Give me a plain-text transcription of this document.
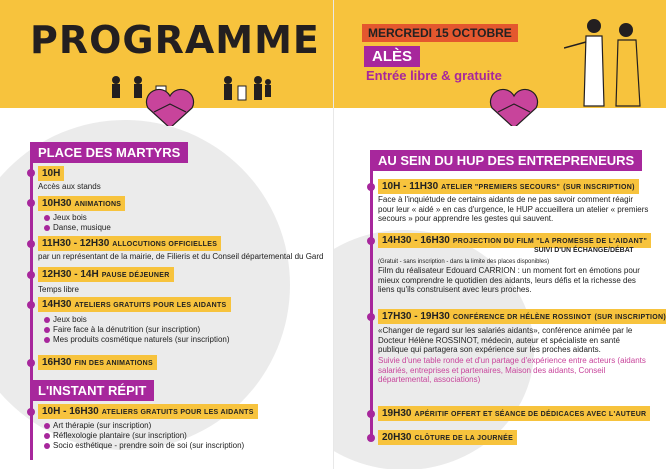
PROGRAMME
PLACE DES MARTYRS
10H
Accès aux stands
10H30 ANIMATIONS
Jeux bois
Danse, musique
11H30 - 12H30 ALLOCUTIONS OFFICIELLES
par un représentant de la mairie, de Filieris et du Conseil départemental du Gard
12H30 - 14H PAUSE DÉJEUNER
Temps libre
14H30 ATELIERS GRATUITS POUR LES AIDANTS
Jeux bois
Faire face à la dénutrition (sur inscription)
Mes produits cosmétique naturels (sur inscription)
16H30 FIN DES ANIMATIONS
L'INSTANT RÉPIT
10H - 16H30 ATELIERS GRATUITS POUR LES AIDANTS
Art thérapie (sur inscription)
Réflexologie plantaire (sur inscription)
Socio esthétique - prendre soin de soi (sur inscription)
MERCREDI 15 OCTOBRE
ALÈS
Entrée libre & gratuite
AU SEIN DU HUP DES ENTREPRENEURS
10H - 11H30 ATELIER "PREMIERS SECOURS" (SUR INSCRIPTION)
Face à l'inquiétude de certains aidants de ne pas savoir comment réagir pour leur « aidé » en cas d'urgence, le HUP accueillera un atelier « premiers secours » pour apprendre les gestes qui sauvent.
14H30 - 16H30 PROJECTION DU FILM "LA PROMESSE DE L'AIDANT"
SUIVI D'UN ÉCHANGE/DÉBAT
(Gratuit - sans inscription - dans la limite des places disponibles)
Film du réalisateur Edouard CARRION : un moment fort en émotions pour mieux comprendre le quotidien des aidants, leurs défis et la richesse des liens qu'ils construisent avec leurs proches.
17H30 - 19H30 CONFÉRENCE DR HÉLÈNE ROSSINOT (SUR INSCRIPTION)
«Changer de regard sur les salariés aidants», conférence animée par le Docteur Hélène ROSSINOT, médecin, auteur et spécialiste en santé publique qui partagera son expérience sur les proches aidants.
Suivie d'une table ronde et d'un partage d'expérience entre acteurs (aidants salariés, entreprises et partenaires, Maison des aidants, Conseil départemental, associations)
19H30 APÉRITIF OFFERT ET SÉANCE DE DÉDICACES AVEC L'AUTEUR
20H30 CLÔTURE DE LA JOURNÉE
